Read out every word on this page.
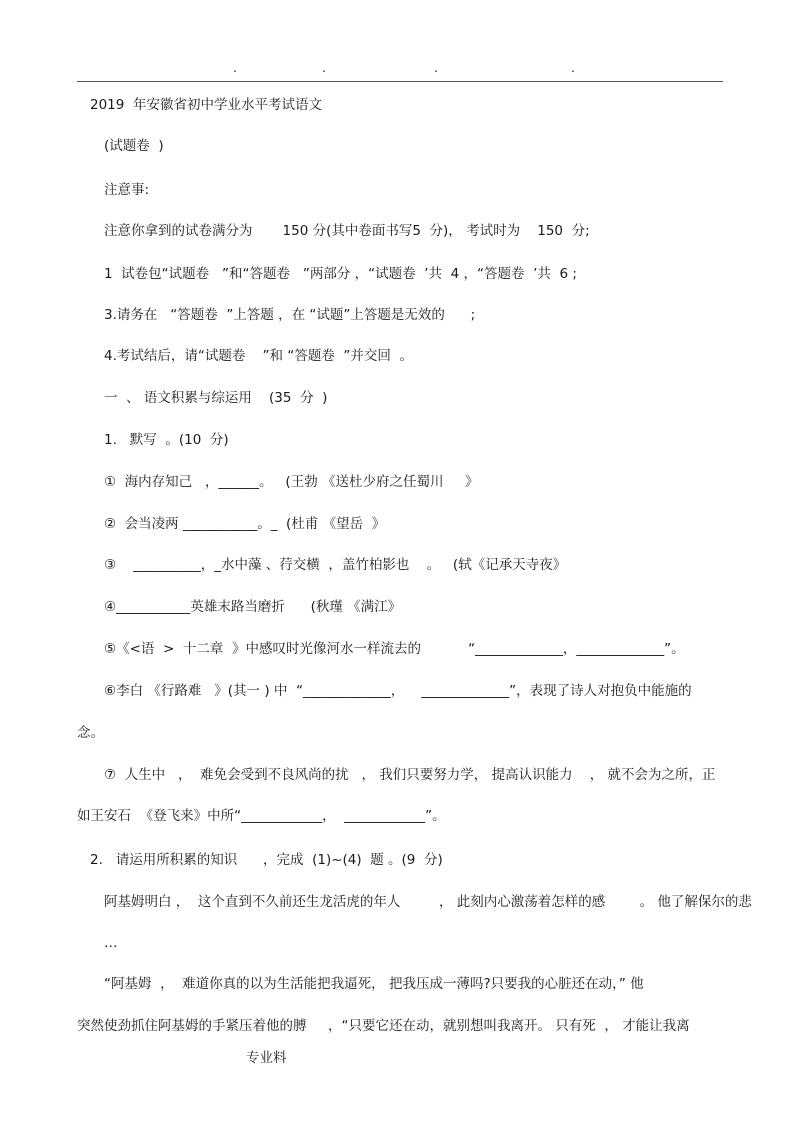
.	.	.	.
2019  年安徽省初中学业水平考试语文
(试题卷  )
注意事:
注意你拿到的试卷满分为       150 分(其中卷面书写5  分)， 考试时为    150  分;
1  试卷包“试题卷   ”和“答题卷   ”两部分 ，“试题卷  ’共  4 ，“答题卷  ’共  6 ;
3.请务在   “答题卷  ”上答题 ，在 “试题”上答题是无效的      ;
4.考试结后，请“试题卷    ”和 “答题卷  ”并交回  。
一  、 语文积累与综运用    (35  分  )
1.   默写  。(10  分)
①  海内存知己   ，______。   (王勃 《送杜少府之任蜀川     》
②  会当凌两 ___________。_  (杜甫 《望岳  》
③    __________，_水中藻 、荇交横  ，盖竹柏影也    。   (轼《记承天寺夜》
④___________英雄末路当磨折      (秋瑾 《满江》
⑤《<语  >  十二章  》中感叹时光像河水一样流去的           “_____________，_____________”。
⑥李白 《行路难   》(其一 ) 中  “_____________，    _____________”，表现了诗人对抱负中能施的
念。
⑦  人生中   ，  难免会受到不良风尚的扰   ， 我们只要努力学， 提高认识能力    ， 就不会为之所，正
如王安石  《登飞来》中所“____________，  ____________”。
2.   请运用所积累的知识      ，完成  (1)~(4)  题 。(9  分)
阿基姆明白 ，  这个直到不久前还生龙活虎的年人         ， 此刻内心激荡着怎样的感        。 他了解保尔的悲
…
“阿基姆  ，  难道你真的以为生活能把我逼死， 把我压成一薄吗?只要我的心脏还在动，” 他
突然使劲抓住阿基姆的手紧压着他的膊     ，“只要它还在动，就别想叫我离开。 只有死  ， 才能让我离
专业料
